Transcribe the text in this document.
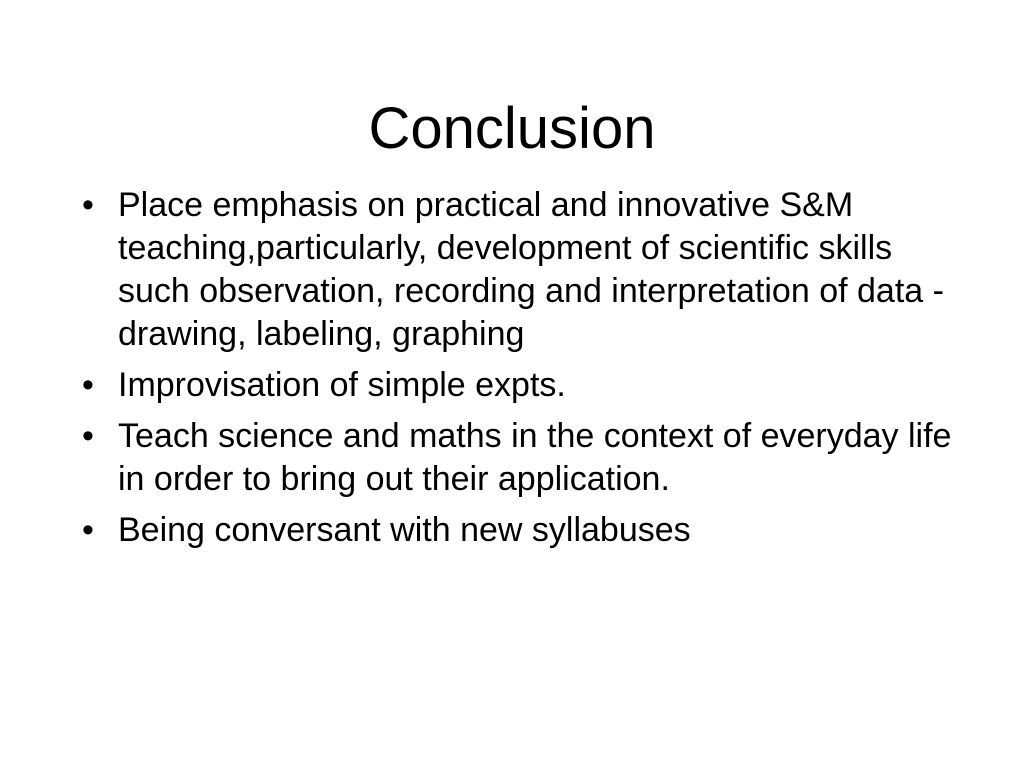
Conclusion
• Place emphasis on practical and innovative S&M teaching,particularly, development of scientific skills such observation, recording and interpretation of data - drawing, labeling, graphing
• Improvisation of simple expts.
• Teach science and maths in the context of everyday life in order to bring out their application.
• Being conversant with new syllabuses
